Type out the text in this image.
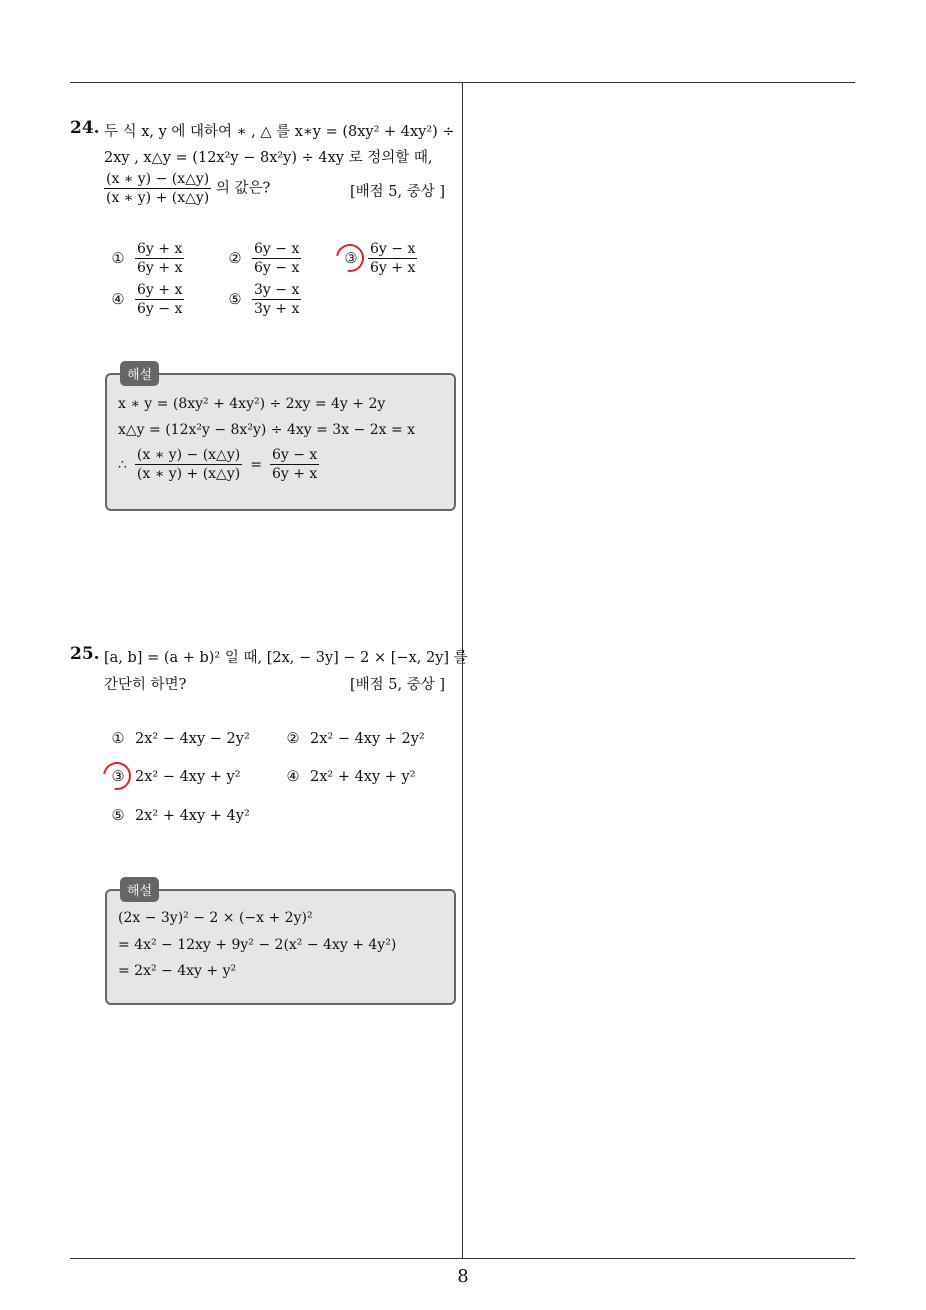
24. 두 식 x, y 에 대하여 ∗ , △ 를 x∗y = (8xy² + 4xy²) ÷
2xy , x△y = (12x²y − 8x²y) ÷ 4xy 로 정의할 때,
$\frac{(x ∗ y) - (x\triangle y)}{(x ∗ y) + (x\triangle y)}$ 의 값은?	[배점 5, 중상 ]
① $\frac{6y + x}{6y + x}$	② $\frac{6y - x}{6y - x}$	③ $\frac{6y - x}{6y + x}$
④ $\frac{6y + x}{6y - x}$	⑤ $\frac{3y - x}{3y + x}$
해설
x ∗ y = (8xy² + 4xy²) ÷ 2xy = 4y + 2y
x△y = (12x²y − 8x²y) ÷ 4xy = 3x − 2x = x
∴ $\frac{(x ∗ y) - (x\triangle y)}{(x ∗ y) + (x\triangle y)} = \frac{6y - x}{6y + x}$
25. [a, b] = (a + b)² 일 때, [2x, − 3y] − 2 × [−x, 2y] 를
간단히 하면?	[배점 5, 중상 ]
① 2x² − 4xy − 2y²	② 2x² − 4xy + 2y²
③ 2x² − 4xy + y²	④ 2x² + 4xy + y²
⑤ 2x² + 4xy + 4y²
해설
(2x − 3y)² − 2 × (−x + 2y)²
= 4x² − 12xy + 9y² − 2(x² − 4xy + 4y²)
= 2x² − 4xy + y²
8
